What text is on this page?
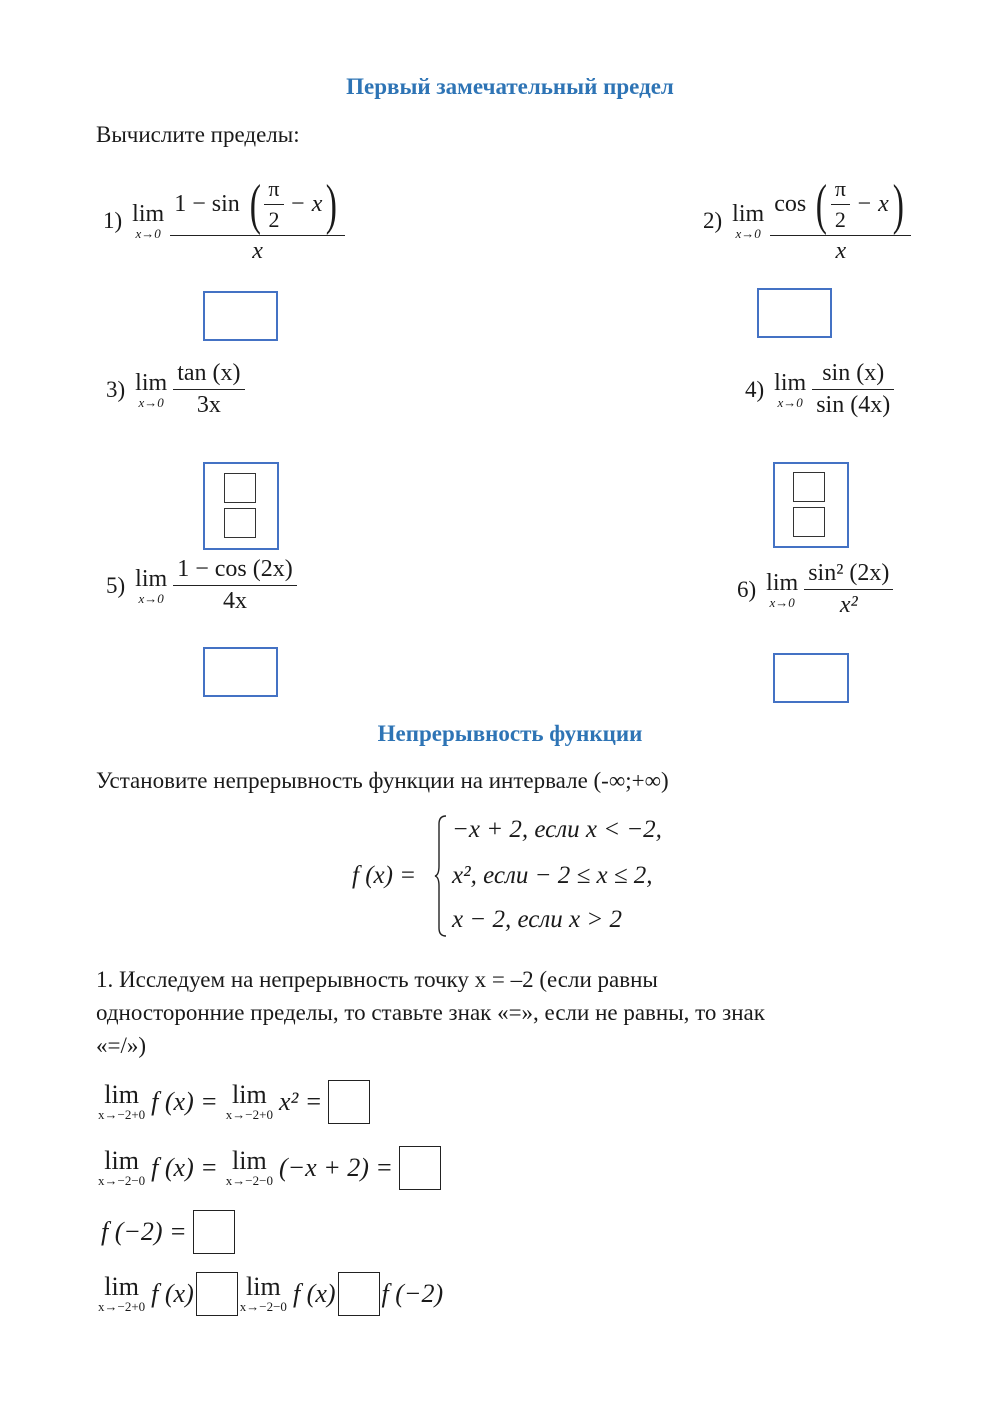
Первый замечательный предел
Вычислите пределы:
1) lim
x→0 1 − sin
( $\frac{\pi}{2}$
− x )
x	2) lim
x→0 cos
( $\frac{\pi}{2}$
− x )
x
3) lim
$x\to 0 \frac{\tan (x)}{3x}$	4) lim
$x\to 0 \frac{\sin (x)}{\sin (4x)}$
5) lim
$x\to 0 \frac{1 - \cos (2x)}{4x}$	6) lim
$x\to 0 \frac{\text{sin² (2x)}}{\text{x²}}$
Непрерывность функции
Установите непрерывность функции на интервале (-∞;+∞)
f (x) =
−x + 2, если x < −2,
x², если − 2 ≤ x ≤ 2,
x − 2, если x > 2
1. Исследуем на непрерывность точку x = –2 (если равны
односторонние пределы, то ставьте знак «=», если не равны, то знак
«=/»)
lim
x→−2+0 f (x) = lim
x→−2+0 x² =
lim
x→−2−0 f (x) = lim
x→−2−0 (−x + 2) =
f (−2) =
lim
x→−2+0 f (x) lim
x→−2−0 f (x) f (−2)
